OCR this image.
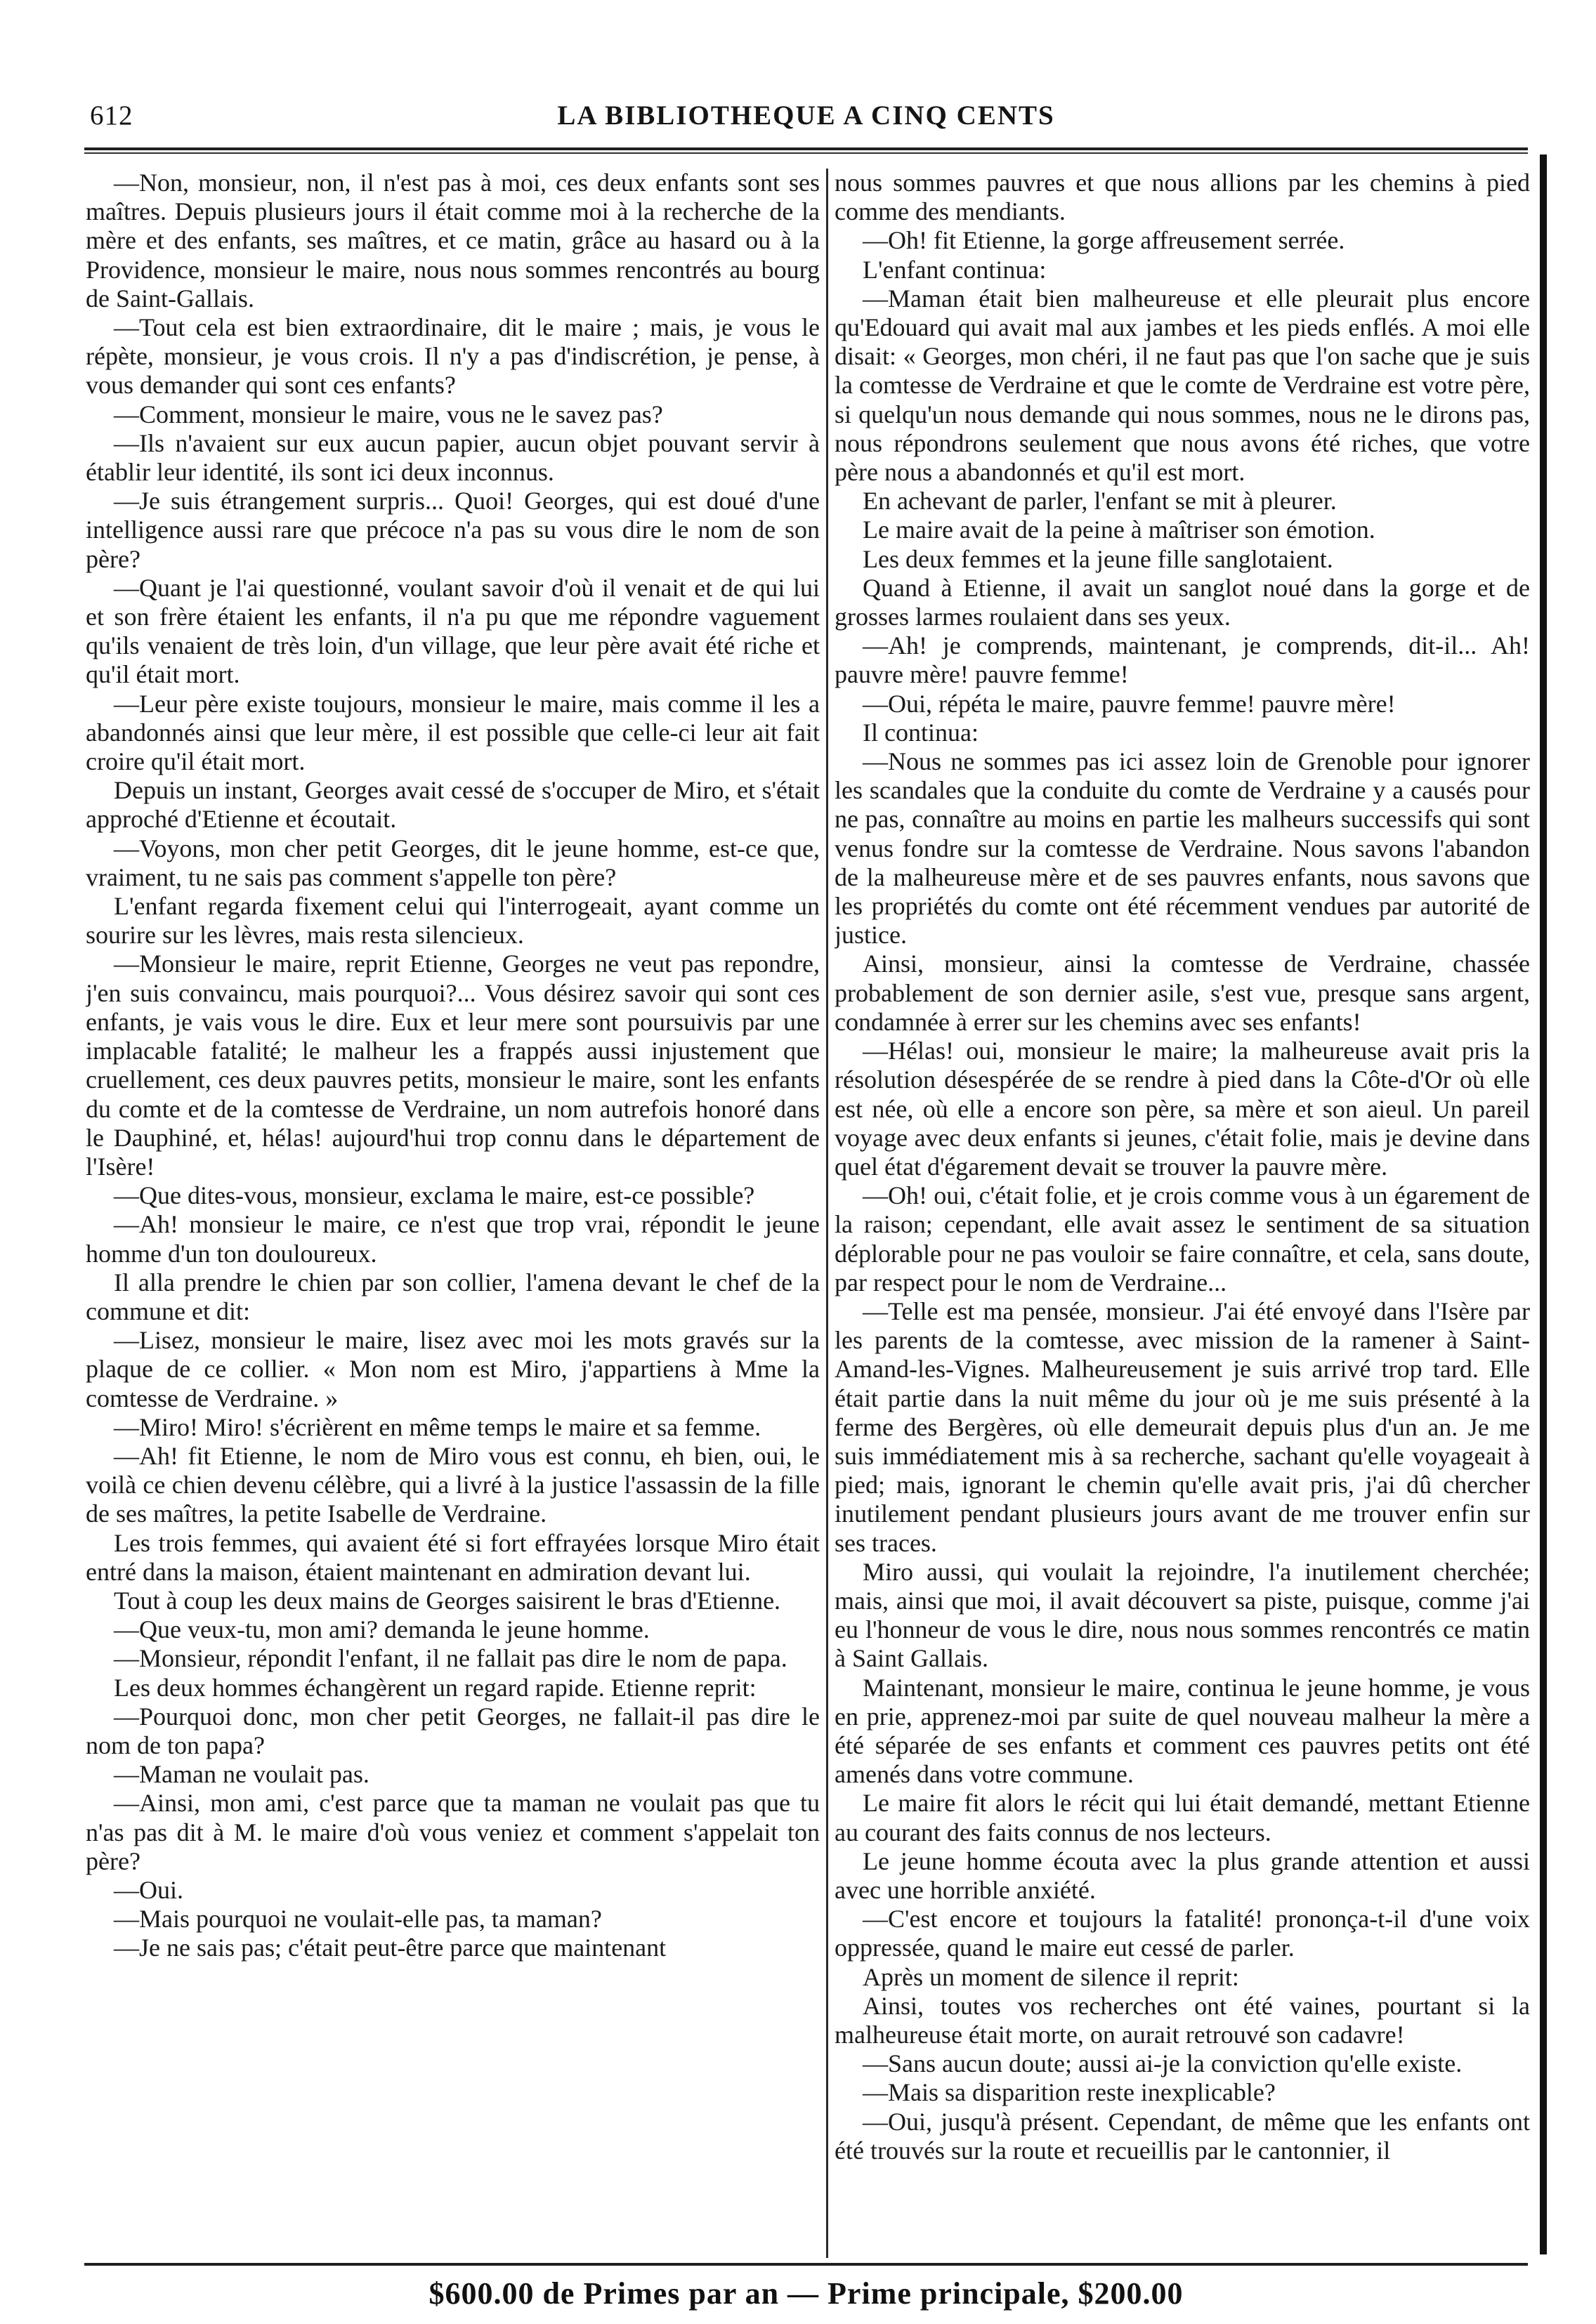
612	LA BIBLIOTHEQUE A CINQ CENTS

—Non, monsieur, non, il n'est pas à moi, ces deux enfants sont ses maîtres. Depuis plusieurs jours il était comme moi à la recherche de la mère et des enfants, ses maîtres, et ce matin, grâce au hasard ou à la Providence, monsieur le maire, nous nous sommes rencontrés au bourg de Saint-Gallais.

—Tout cela est bien extraordinaire, dit le maire ; mais, je vous le répète, monsieur, je vous crois. Il n'y a pas d'indiscrétion, je pense, à vous demander qui sont ces enfants?

—Comment, monsieur le maire, vous ne le savez pas?

—Ils n'avaient sur eux aucun papier, aucun objet pouvant servir à établir leur identité, ils sont ici deux inconnus.

—Je suis étrangement surpris... Quoi! Georges, qui est doué d'une intelligence aussi rare que précoce n'a pas su vous dire le nom de son père?

—Quant je l'ai questionné, voulant savoir d'où il venait et de qui lui et son frère étaient les enfants, il n'a pu que me répondre vaguement qu'ils venaient de très loin, d'un village, que leur père avait été riche et qu'il était mort.

—Leur père existe toujours, monsieur le maire, mais comme il les a abandonnés ainsi que leur mère, il est possible que celle-ci leur ait fait croire qu'il était mort.

Depuis un instant, Georges avait cessé de s'occuper de Miro, et s'était approché d'Etienne et écoutait.

—Voyons, mon cher petit Georges, dit le jeune homme, est-ce que, vraiment, tu ne sais pas comment s'appelle ton père?

L'enfant regarda fixement celui qui l'interrogeait, ayant comme un sourire sur les lèvres, mais resta silencieux.

—Monsieur le maire, reprit Etienne, Georges ne veut pas repondre, j'en suis convaincu, mais pourquoi?... Vous désirez savoir qui sont ces enfants, je vais vous le dire. Eux et leur mere sont poursuivis par une implacable fatalité; le malheur les a frappés aussi injustement que cruellement, ces deux pauvres petits, monsieur le maire, sont les enfants du comte et de la comtesse de Verdraine, un nom autrefois honoré dans le Dauphiné, et, hélas! aujourd'hui trop connu dans le département de l'Isère!

—Que dites-vous, monsieur, exclama le maire, est-ce possible?

—Ah! monsieur le maire, ce n'est que trop vrai, répondit le jeune homme d'un ton douloureux.

Il alla prendre le chien par son collier, l'amena devant le chef de la commune et dit:

—Lisez, monsieur le maire, lisez avec moi les mots gravés sur la plaque de ce collier. « Mon nom est Miro, j'appartiens à Mme la comtesse de Verdraine. »

—Miro! Miro! s'écrièrent en même temps le maire et sa femme.

—Ah! fit Etienne, le nom de Miro vous est connu, eh bien, oui, le voilà ce chien devenu célèbre, qui a livré à la justice l'assassin de la fille de ses maîtres, la petite Isabelle de Verdraine.

Les trois femmes, qui avaient été si fort effrayées lorsque Miro était entré dans la maison, étaient maintenant en admiration devant lui.

Tout à coup les deux mains de Georges saisirent le bras d'Etienne.

—Que veux-tu, mon ami? demanda le jeune homme.

—Monsieur, répondit l'enfant, il ne fallait pas dire le nom de papa.

Les deux hommes échangèrent un regard rapide. Etienne reprit:

—Pourquoi donc, mon cher petit Georges, ne fallait-il pas dire le nom de ton papa?

—Maman ne voulait pas.

—Ainsi, mon ami, c'est parce que ta maman ne voulait pas que tu n'as pas dit à M. le maire d'où vous veniez et comment s'appelait ton père?

—Oui.

—Mais pourquoi ne voulait-elle pas, ta maman?

—Je ne sais pas; c'était peut-être parce que maintenant

nous sommes pauvres et que nous allions par les chemins à pied comme des mendiants.

—Oh! fit Etienne, la gorge affreusement serrée.

L'enfant continua:

—Maman était bien malheureuse et elle pleurait plus encore qu'Edouard qui avait mal aux jambes et les pieds enflés. A moi elle disait: « Georges, mon chéri, il ne faut pas que l'on sache que je suis la comtesse de Verdraine et que le comte de Verdraine est votre père, si quelqu'un nous demande qui nous sommes, nous ne le dirons pas, nous répondrons seulement que nous avons été riches, que votre père nous a abandonnés et qu'il est mort.

En achevant de parler, l'enfant se mit à pleurer.

Le maire avait de la peine à maîtriser son émotion.

Les deux femmes et la jeune fille sanglotaient.

Quand à Etienne, il avait un sanglot noué dans la gorge et de grosses larmes roulaient dans ses yeux.

—Ah! je comprends, maintenant, je comprends, dit-il... Ah! pauvre mère! pauvre femme!

—Oui, répéta le maire, pauvre femme! pauvre mère!

Il continua:

—Nous ne sommes pas ici assez loin de Grenoble pour ignorer les scandales que la conduite du comte de Verdraine y a causés pour ne pas, connaître au moins en partie les malheurs successifs qui sont venus fondre sur la comtesse de Verdraine. Nous savons l'abandon de la malheureuse mère et de ses pauvres enfants, nous savons que les propriétés du comte ont été récemment vendues par autorité de justice.

Ainsi, monsieur, ainsi la comtesse de Verdraine, chassée probablement de son dernier asile, s'est vue, presque sans argent, condamnée à errer sur les chemins avec ses enfants!

—Hélas! oui, monsieur le maire; la malheureuse avait pris la résolution désespérée de se rendre à pied dans la Côte-d'Or où elle est née, où elle a encore son père, sa mère et son aieul. Un pareil voyage avec deux enfants si jeunes, c'était folie, mais je devine dans quel état d'égarement devait se trouver la pauvre mère.

—Oh! oui, c'était folie, et je crois comme vous à un égarement de la raison; cependant, elle avait assez le sentiment de sa situation déplorable pour ne pas vouloir se faire connaître, et cela, sans doute, par respect pour le nom de Verdraine...

—Telle est ma pensée, monsieur. J'ai été envoyé dans l'Isère par les parents de la comtesse, avec mission de la ramener à Saint-Amand-les-Vignes. Malheureusement je suis arrivé trop tard. Elle était partie dans la nuit même du jour où je me suis présenté à la ferme des Bergères, où elle demeurait depuis plus d'un an. Je me suis immédiatement mis à sa recherche, sachant qu'elle voyageait à pied; mais, ignorant le chemin qu'elle avait pris, j'ai dû chercher inutilement pendant plusieurs jours avant de me trouver enfin sur ses traces.

Miro aussi, qui voulait la rejoindre, l'a inutilement cherchée; mais, ainsi que moi, il avait découvert sa piste, puisque, comme j'ai eu l'honneur de vous le dire, nous nous sommes rencontrés ce matin à Saint Gallais.

Maintenant, monsieur le maire, continua le jeune homme, je vous en prie, apprenez-moi par suite de quel nouveau malheur la mère a été séparée de ses enfants et comment ces pauvres petits ont été amenés dans votre commune.

Le maire fit alors le récit qui lui était demandé, mettant Etienne au courant des faits connus de nos lecteurs.

Le jeune homme écouta avec la plus grande attention et aussi avec une horrible anxiété.

—C'est encore et toujours la fatalité! prononça-t-il d'une voix oppressée, quand le maire eut cessé de parler.

Après un moment de silence il reprit:

Ainsi, toutes vos recherches ont été vaines, pourtant si la malheureuse était morte, on aurait retrouvé son cadavre!

—Sans aucun doute; aussi ai-je la conviction qu'elle existe.

—Mais sa disparition reste inexplicable?

—Oui, jusqu'à présent. Cependant, de même que les enfants ont été trouvés sur la route et recueillis par le cantonnier, il

$600.00 de Primes par an — Prime principale, $200.00
